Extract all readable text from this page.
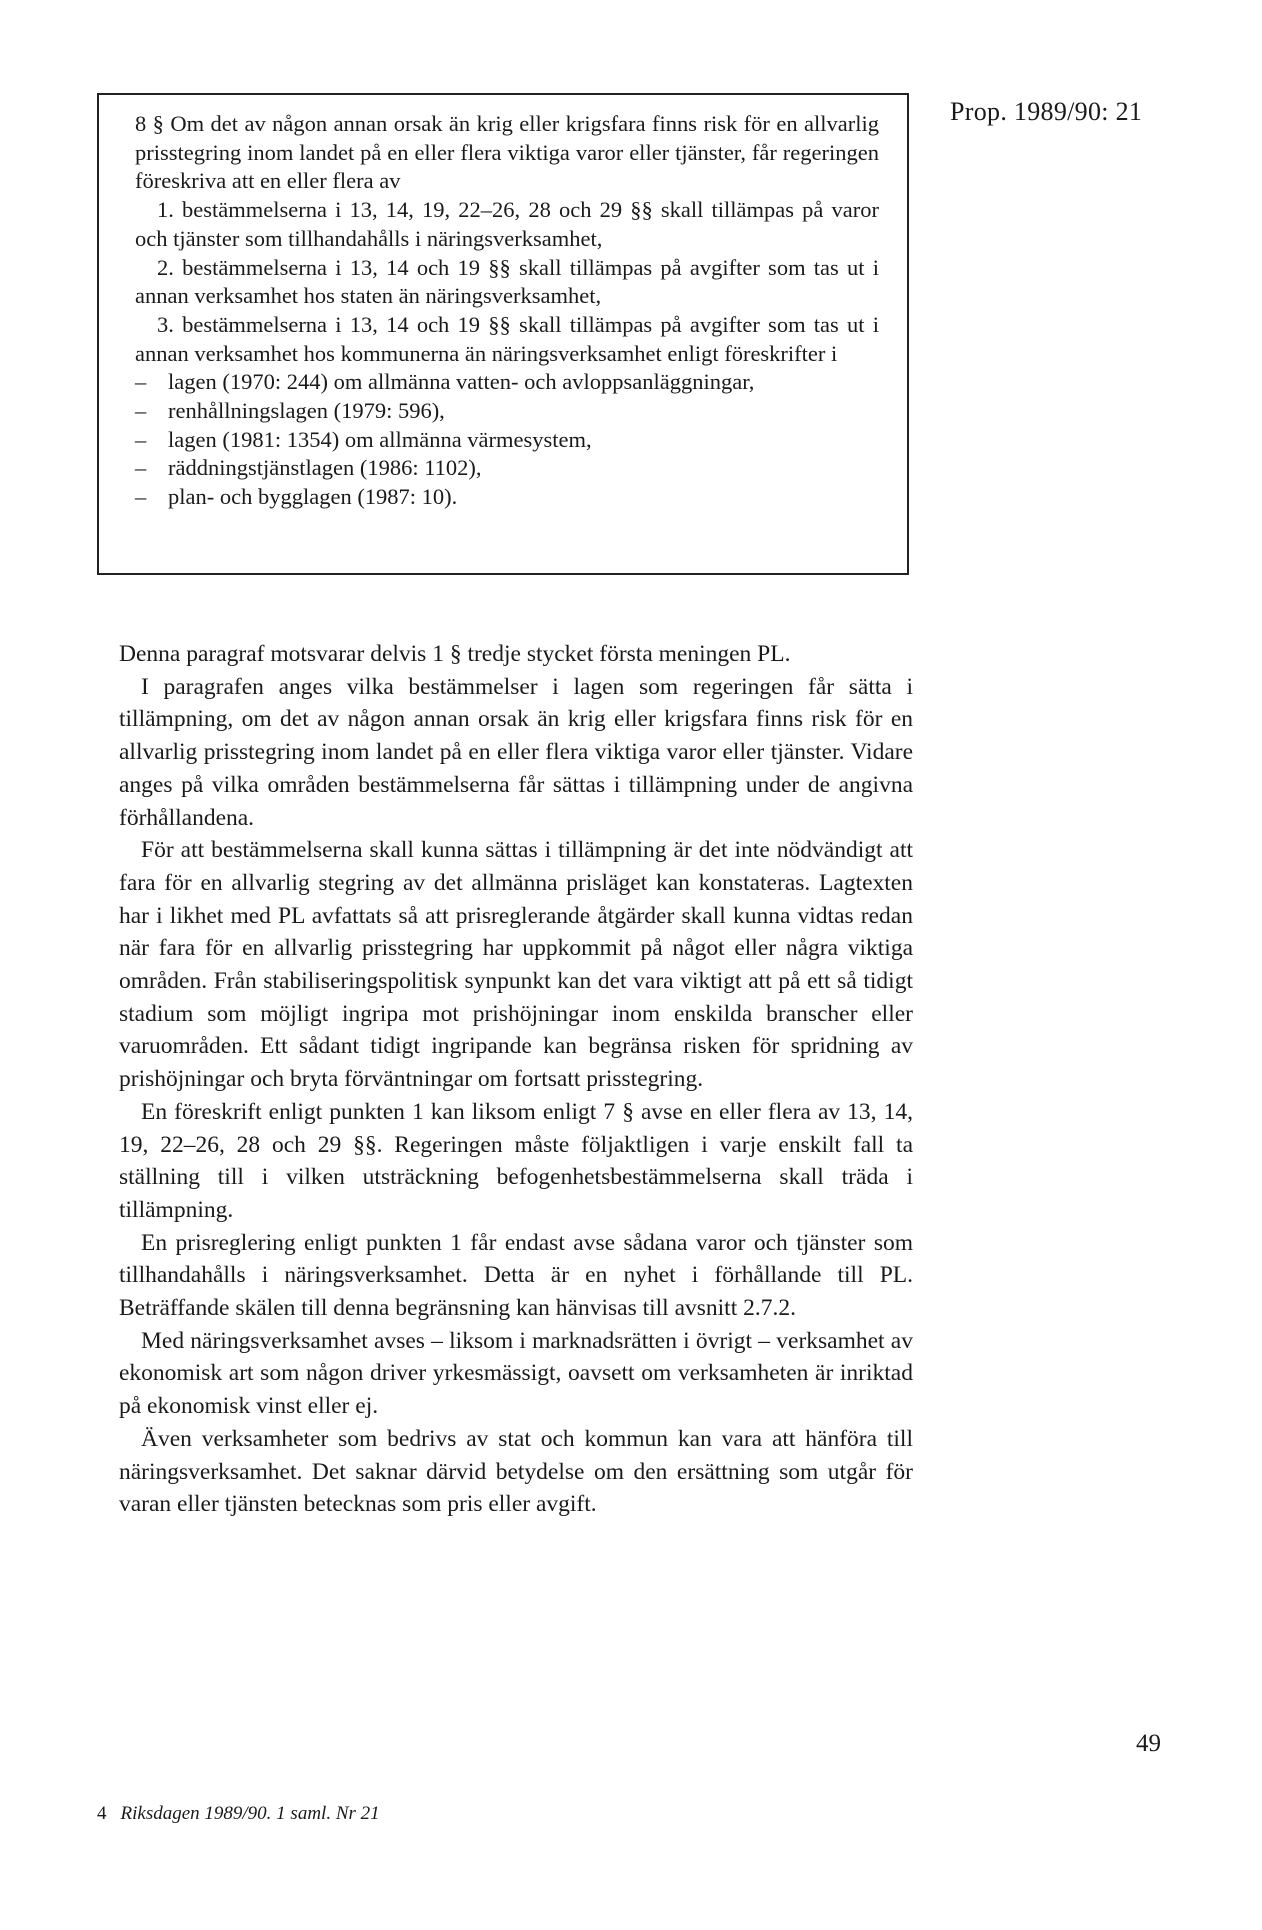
Prop. 1989/90: 21

8 § Om det av någon annan orsak än krig eller krigsfara finns risk för en allvarlig prisstegring inom landet på en eller flera viktiga varor eller tjänster, får regeringen föreskriva att en eller flera av

1. bestämmelserna i 13, 14, 19, 22–26, 28 och 29 §§ skall tillämpas på varor och tjänster som tillhandahålls i näringsverksamhet,

2. bestämmelserna i 13, 14 och 19 §§ skall tillämpas på avgifter som tas ut i annan verksamhet hos staten än näringsverksamhet,

3. bestämmelserna i 13, 14 och 19 §§ skall tillämpas på avgifter som tas ut i annan verksamhet hos kommunerna än näringsverksamhet enligt föreskrifter i

– lagen (1970: 244) om allmänna vatten- och avloppsanläggningar,
– renhållningslagen (1979: 596),
– lagen (1981: 1354) om allmänna värmesystem,
– räddningstjänstlagen (1986: 1102),
– plan- och bygglagen (1987: 10).

Denna paragraf motsvarar delvis 1 § tredje stycket första meningen PL.

I paragrafen anges vilka bestämmelser i lagen som regeringen får sätta i tillämpning, om det av någon annan orsak än krig eller krigsfara finns risk för en allvarlig prisstegring inom landet på en eller flera viktiga varor eller tjänster. Vidare anges på vilka områden bestämmelserna får sättas i tillämpning under de angivna förhållandena.

För att bestämmelserna skall kunna sättas i tillämpning är det inte nödvändigt att fara för en allvarlig stegring av det allmänna prisläget kan konstateras. Lagtexten har i likhet med PL avfattats så att prisreglerande åtgärder skall kunna vidtas redan när fara för en allvarlig prisstegring har uppkommit på något eller några viktiga områden. Från stabiliseringspolitisk synpunkt kan det vara viktigt att på ett så tidigt stadium som möjligt ingripa mot prishöjningar inom enskilda branscher eller varuområden. Ett sådant tidigt ingripande kan begränsa risken för spridning av prishöjningar och bryta förväntningar om fortsatt prisstegring.

En föreskrift enligt punkten 1 kan liksom enligt 7 § avse en eller flera av 13, 14, 19, 22–26, 28 och 29 §§. Regeringen måste följaktligen i varje enskilt fall ta ställning till i vilken utsträckning befogenhetsbestämmelserna skall träda i tillämpning.

En prisreglering enligt punkten 1 får endast avse sådana varor och tjänster som tillhandahålls i näringsverksamhet. Detta är en nyhet i förhållande till PL. Beträffande skälen till denna begränsning kan hänvisas till avsnitt 2.7.2.

Med näringsverksamhet avses – liksom i marknadsrätten i övrigt – verksamhet av ekonomisk art som någon driver yrkesmässigt, oavsett om verksamheten är inriktad på ekonomisk vinst eller ej.

Även verksamheter som bedrivs av stat och kommun kan vara att hänföra till näringsverksamhet. Det saknar därvid betydelse om den ersättning som utgår för varan eller tjänsten betecknas som pris eller avgift.

49
4 Riksdagen 1989/90. 1 saml. Nr 21
